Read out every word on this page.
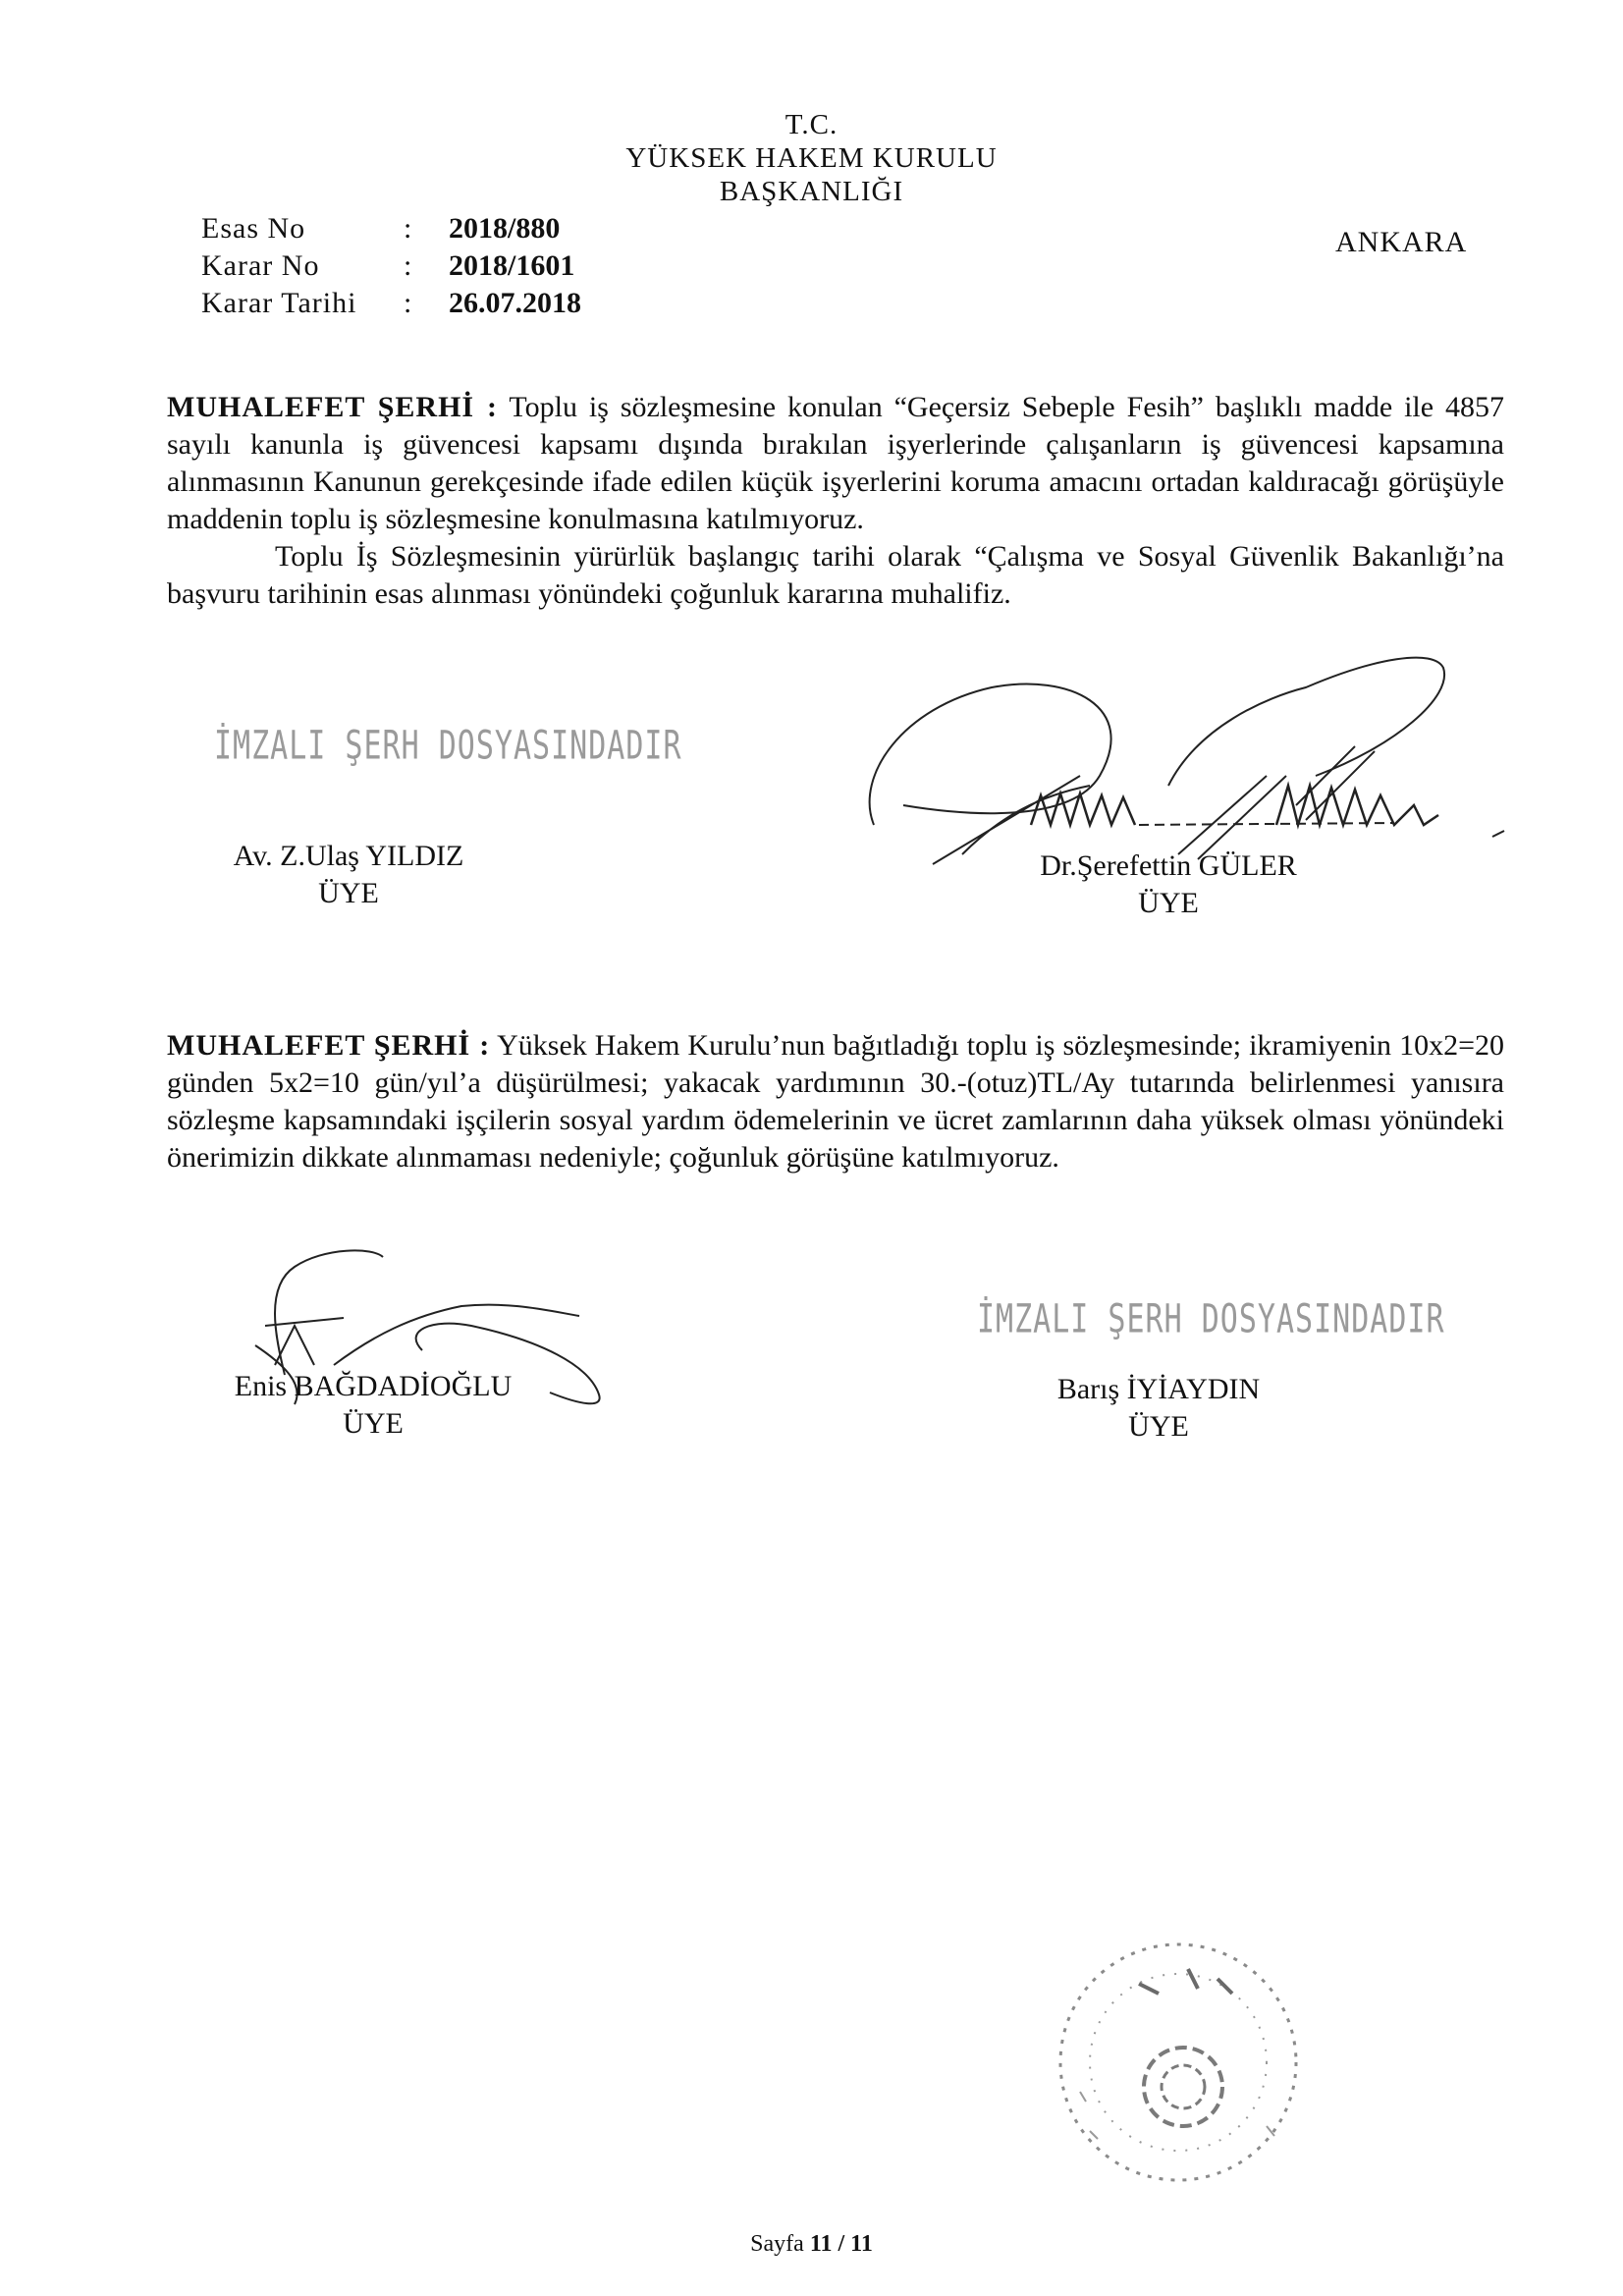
T.C.
YÜKSEK HAKEM KURULU
BAŞKANLIĞI
ANKARA
Esas No	:	2018/880
Karar No	:	2018/1601
Karar Tarihi	:	26.07.2018

MUHALEFET ŞERHİ : Toplu iş sözleşmesine konulan “Geçersiz Sebeple Fesih” başlıklı madde ile 4857 sayılı kanunla iş güvencesi kapsamı dışında bırakılan işyerlerinde çalışanların iş güvencesi kapsamına alınmasının Kanunun gerekçesinde ifade edilen küçük işyerlerini koruma amacını ortadan kaldıracağı görüşüyle maddenin toplu iş sözleşmesine konulmasına katılmıyoruz.

Toplu İş Sözleşmesinin yürürlük başlangıç tarihi olarak “Çalışma ve Sosyal Güvenlik Bakanlığı’na başvuru tarihinin esas alınması yönündeki çoğunluk kararına muhalifiz.

İMZALI ŞERH DOSYASINDADIR
Av. Z.Ulaş YILDIZ
ÜYE
Dr.Şerefettin GÜLER
ÜYE

MUHALEFET ŞERHİ : Yüksek Hakem Kurulu’nun bağıtladığı toplu iş sözleşmesinde; ikramiyenin 10x2=20 günden 5x2=10 gün/yıl’a düşürülmesi; yakacak yardımının 30.-(otuz)TL/Ay tutarında belirlenmesi yanısıra sözleşme kapsamındaki işçilerin sosyal yardım ödemelerinin ve ücret zamlarının daha yüksek olması yönündeki önerimizin dikkate alınmaması nedeniyle; çoğunluk görüşüne katılmıyoruz.

Enis BAĞDADİOĞLU
ÜYE
İMZALI ŞERH DOSYASINDADIR
Barış İYİAYDIN
ÜYE
Sayfa 11 / 11
